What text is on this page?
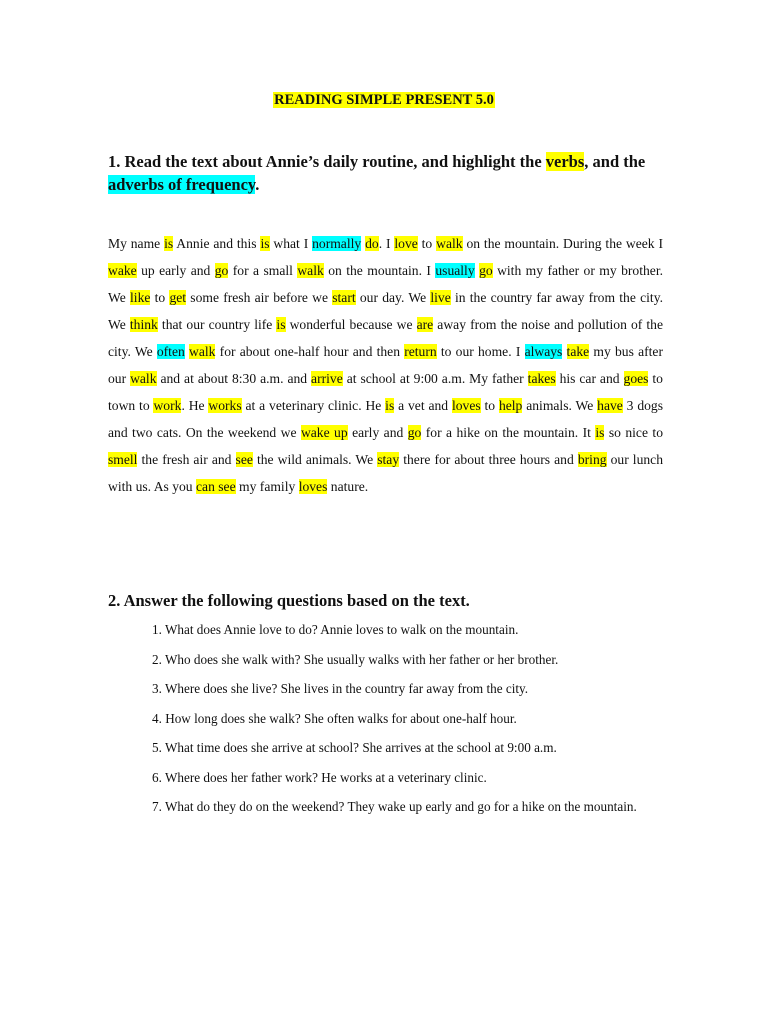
READING SIMPLE PRESENT 5.0
1. Read the text about Annie’s daily routine, and highlight the verbs, and the adverbs of frequency.
My name is Annie and this is what I normally do. I love to walk on the mountain. During the week I wake up early and go for a small walk on the mountain. I usually go with my father or my brother. We like to get some fresh air before we start our day. We live in the country far away from the city. We think that our country life is wonderful because we are away from the noise and pollution of the city. We often walk for about one-half hour and then return to our home. I always take my bus after our walk and at about 8:30 a.m. and arrive at school at 9:00 a.m. My father takes his car and goes to town to work. He works at a veterinary clinic. He is a vet and loves to help animals. We have 3 dogs and two cats. On the weekend we wake up early and go for a hike on the mountain. It is so nice to smell the fresh air and see the wild animals. We stay there for about three hours and bring our lunch with us. As you can see my family loves nature.
2. Answer the following questions based on the text.
1. What does Annie love to do? Annie loves to walk on the mountain.
2. Who does she walk with? She usually walks with her father or her brother.
3. Where does she live? She lives in the country far away from the city.
4. How long does she walk? She often walks for about one-half hour.
5. What time does she arrive at school? She arrives at the school at 9:00 a.m.
6. Where does her father work? He works at a veterinary clinic.
7. What do they do on the weekend? They wake up early and go for a hike on the mountain.
